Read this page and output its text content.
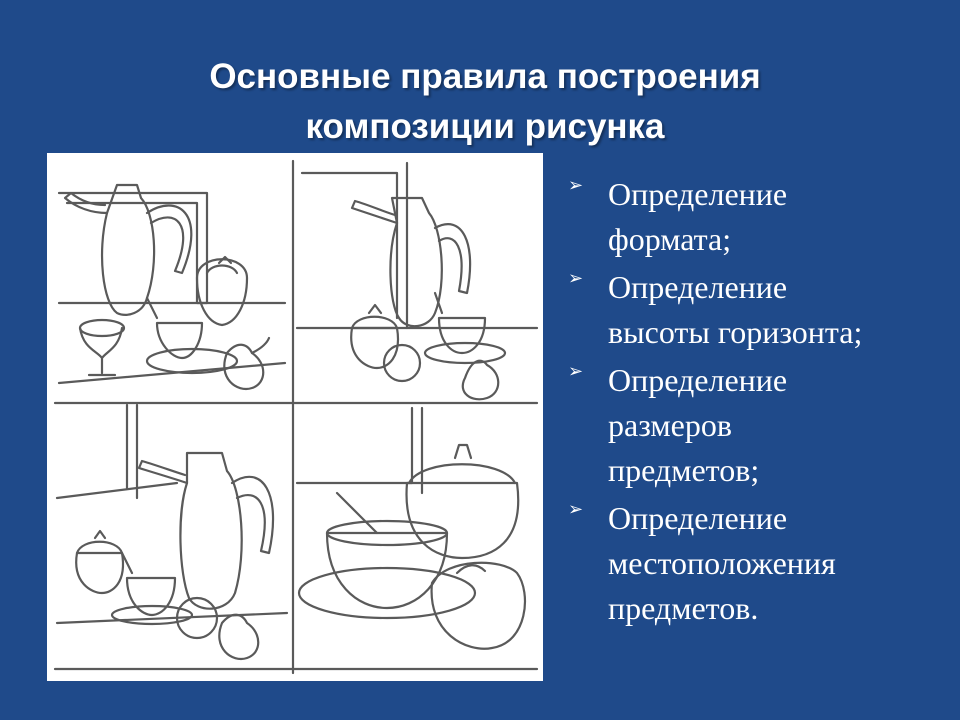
Основные правила построения
композиции рисунка
➢ Определение
формата;
➢ Определение
высоты горизонта;
➢ Определение
размеров
предметов;
➢ Определение
местоположения
предметов.
